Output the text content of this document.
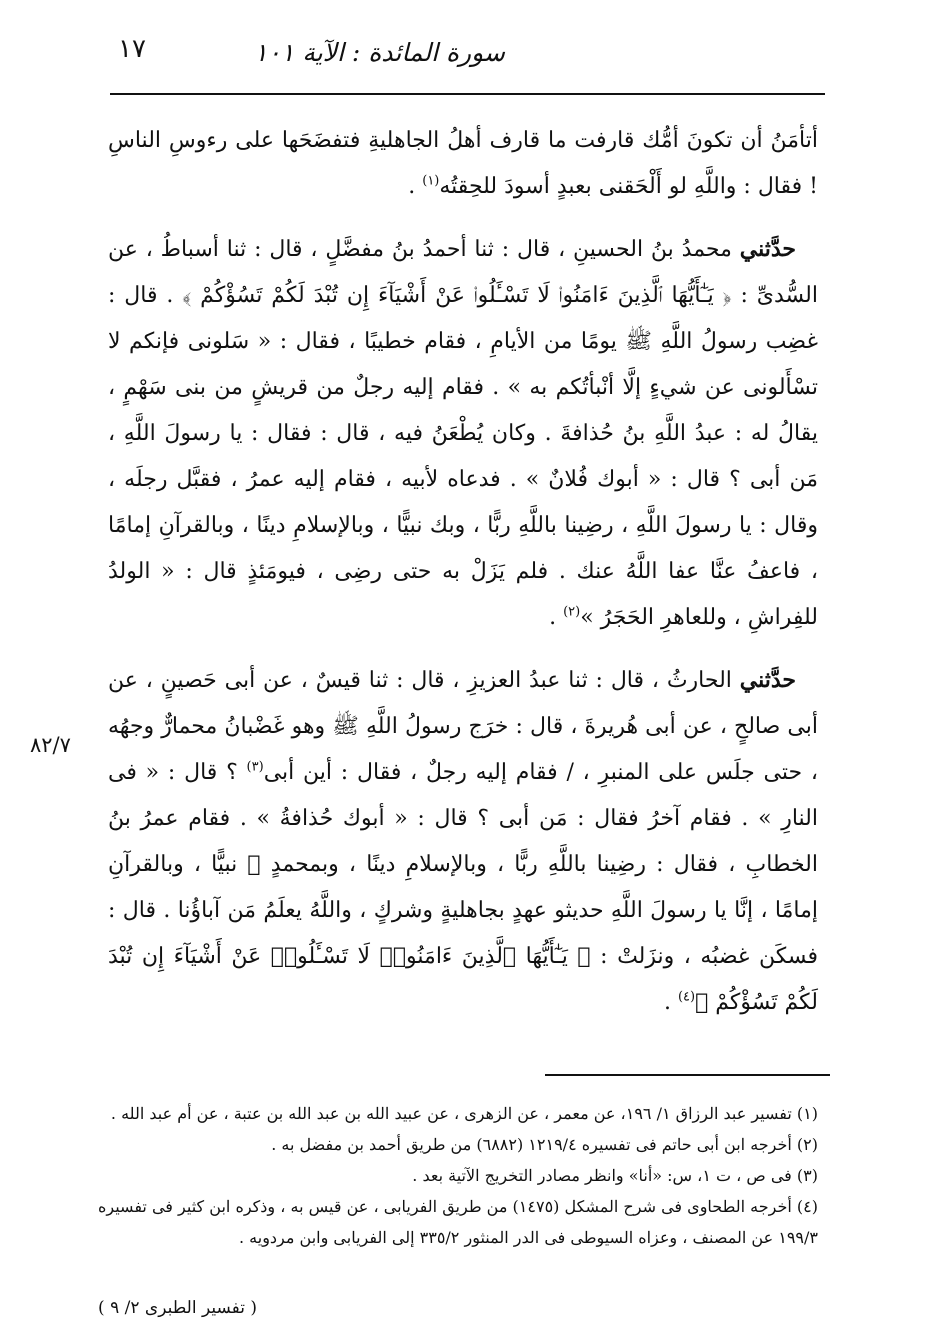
سورة المائدة : الآية ١٠١
١٧

أتأمَنُ أن تكونَ أمُّك قارفت ما قارف أهلُ الجاهليةِ فتفضَحَها على رءوسِ الناسِ ! فقال : واللَّهِ لو أَلْحَقنى بعبدٍ أسودَ للحِقتُه$^{(١)}$ .

حدَّثني محمدُ بنُ الحسينِ ، قال : ثنا أحمدُ بنُ مفضَّلٍ ، قال : ثنا أسباطُ ، عن السُّدىِّ : ﴿ يَـٰٓأَيُّهَا ٱلَّذِينَ ءَامَنُوا۟ لَا تَسْـَٔلُوا۟ عَنْ أَشْيَآءَ إِن تُبْدَ لَكُمْ تَسُؤْكُمْ ﴾ . قال : غضِب رسولُ اللَّهِ ﷺ يومًا من الأيامِ ، فقام خطيبًا ، فقال : « سَلونى فإنكم لا تسْأَلونى عن شيءٍ إلَّا أنْبأتُكم به » . فقام إليه رجلٌ من قريشٍ من بنى سَهْمٍ ، يقالُ له : عبدُ اللَّهِ بنُ حُذافةَ . وكان يُطْعَنُ فيه ، قال : فقال : يا رسولَ اللَّهِ ، مَن أبى ؟ قال : « أبوك فُلانٌ » . فدعاه لأبيه ، فقام إليه عمرُ ، فقبَّل رجلَه ، وقال : يا رسولَ اللَّهِ ، رضِينا باللَّهِ ربًّا ، وبك نبيًّا ، وبالإسلامِ دينًا ، وبالقرآنِ إمامًا ، فاعفُ عنَّا عفا اللَّهُ عنك . فلم يَزَلْ به حتى رضِى ، فيومَئذٍ قال : « الولدُ للفِراشِ ، وللعاهرِ الحَجَرُ »$^{(٢)}$ .

حدَّثني الحارثُ ، قال : ثنا عبدُ العزيزِ ، قال : ثنا قيسٌ ، عن أبى حَصينٍ ، عن أبى صالحٍ ، عن أبى هُريرةَ ، قال : خرَج رسولُ اللَّهِ ﷺ وهو غَضْبانُ محمارٌّ وجهُه ، حتى جلَس على المنبرِ ، / فقام إليه رجلٌ ، فقال : أين أبى$^{(٣)}$ ؟ قال : « فى النارِ » . فقام آخرُ فقال : مَن أبى ؟ قال : « أبوك حُذافةُ » . فقام عمرُ بنُ الخطابِ ، فقال : رضِينا باللَّهِ ربًّا ، وبالإسلامِ دينًا ، وبمحمدٍ ﷺ نبيًّا ، وبالقرآنِ إمامًا ، إنَّا يا رسولَ اللَّهِ حديثو عهدٍ بجاهليةٍ وشركٍ ، واللَّهُ يعلَمُ مَن آباؤُنا . قال : فسكَن غضبُه ، ونزَلتْ : ﴿ يَـٰٓأَيُّهَا ٱلَّذِينَ ءَامَنُوا۟ لَا تَسْـَٔلُوا۟ عَنْ أَشْيَآءَ إِن تُبْدَ لَكُمْ تَسُؤْكُمْ ﴾$^{(٤)}$ .

٨٢/٧

(١) تفسير عبد الرزاق ١/ ١٩٦، عن معمر ، عن الزهرى ، عن عبيد الله بن عبد الله بن عتبة ، عن أم عبد الله .

(٢) أخرجه ابن أبى حاتم فى تفسيره ١٢١٩/٤ (٦٨٨٢) من طريق أحمد بن مفضل به .

(٣) فى ص ، ت ١، س: «أنا» وانظر مصادر التخريج الآتية بعد .

(٤) أخرجه الطحاوى فى شرح المشكل (١٤٧٥) من طريق الفريابى ، عن قيس به ، وذكره ابن كثير فى تفسيره ١٩٩/٣ عن المصنف ، وعزاه السيوطى فى الدر المنثور ٣٣٥/٢ إلى الفريابى وابن مردويه .

( تفسير الطبرى ٢/ ٩ )
